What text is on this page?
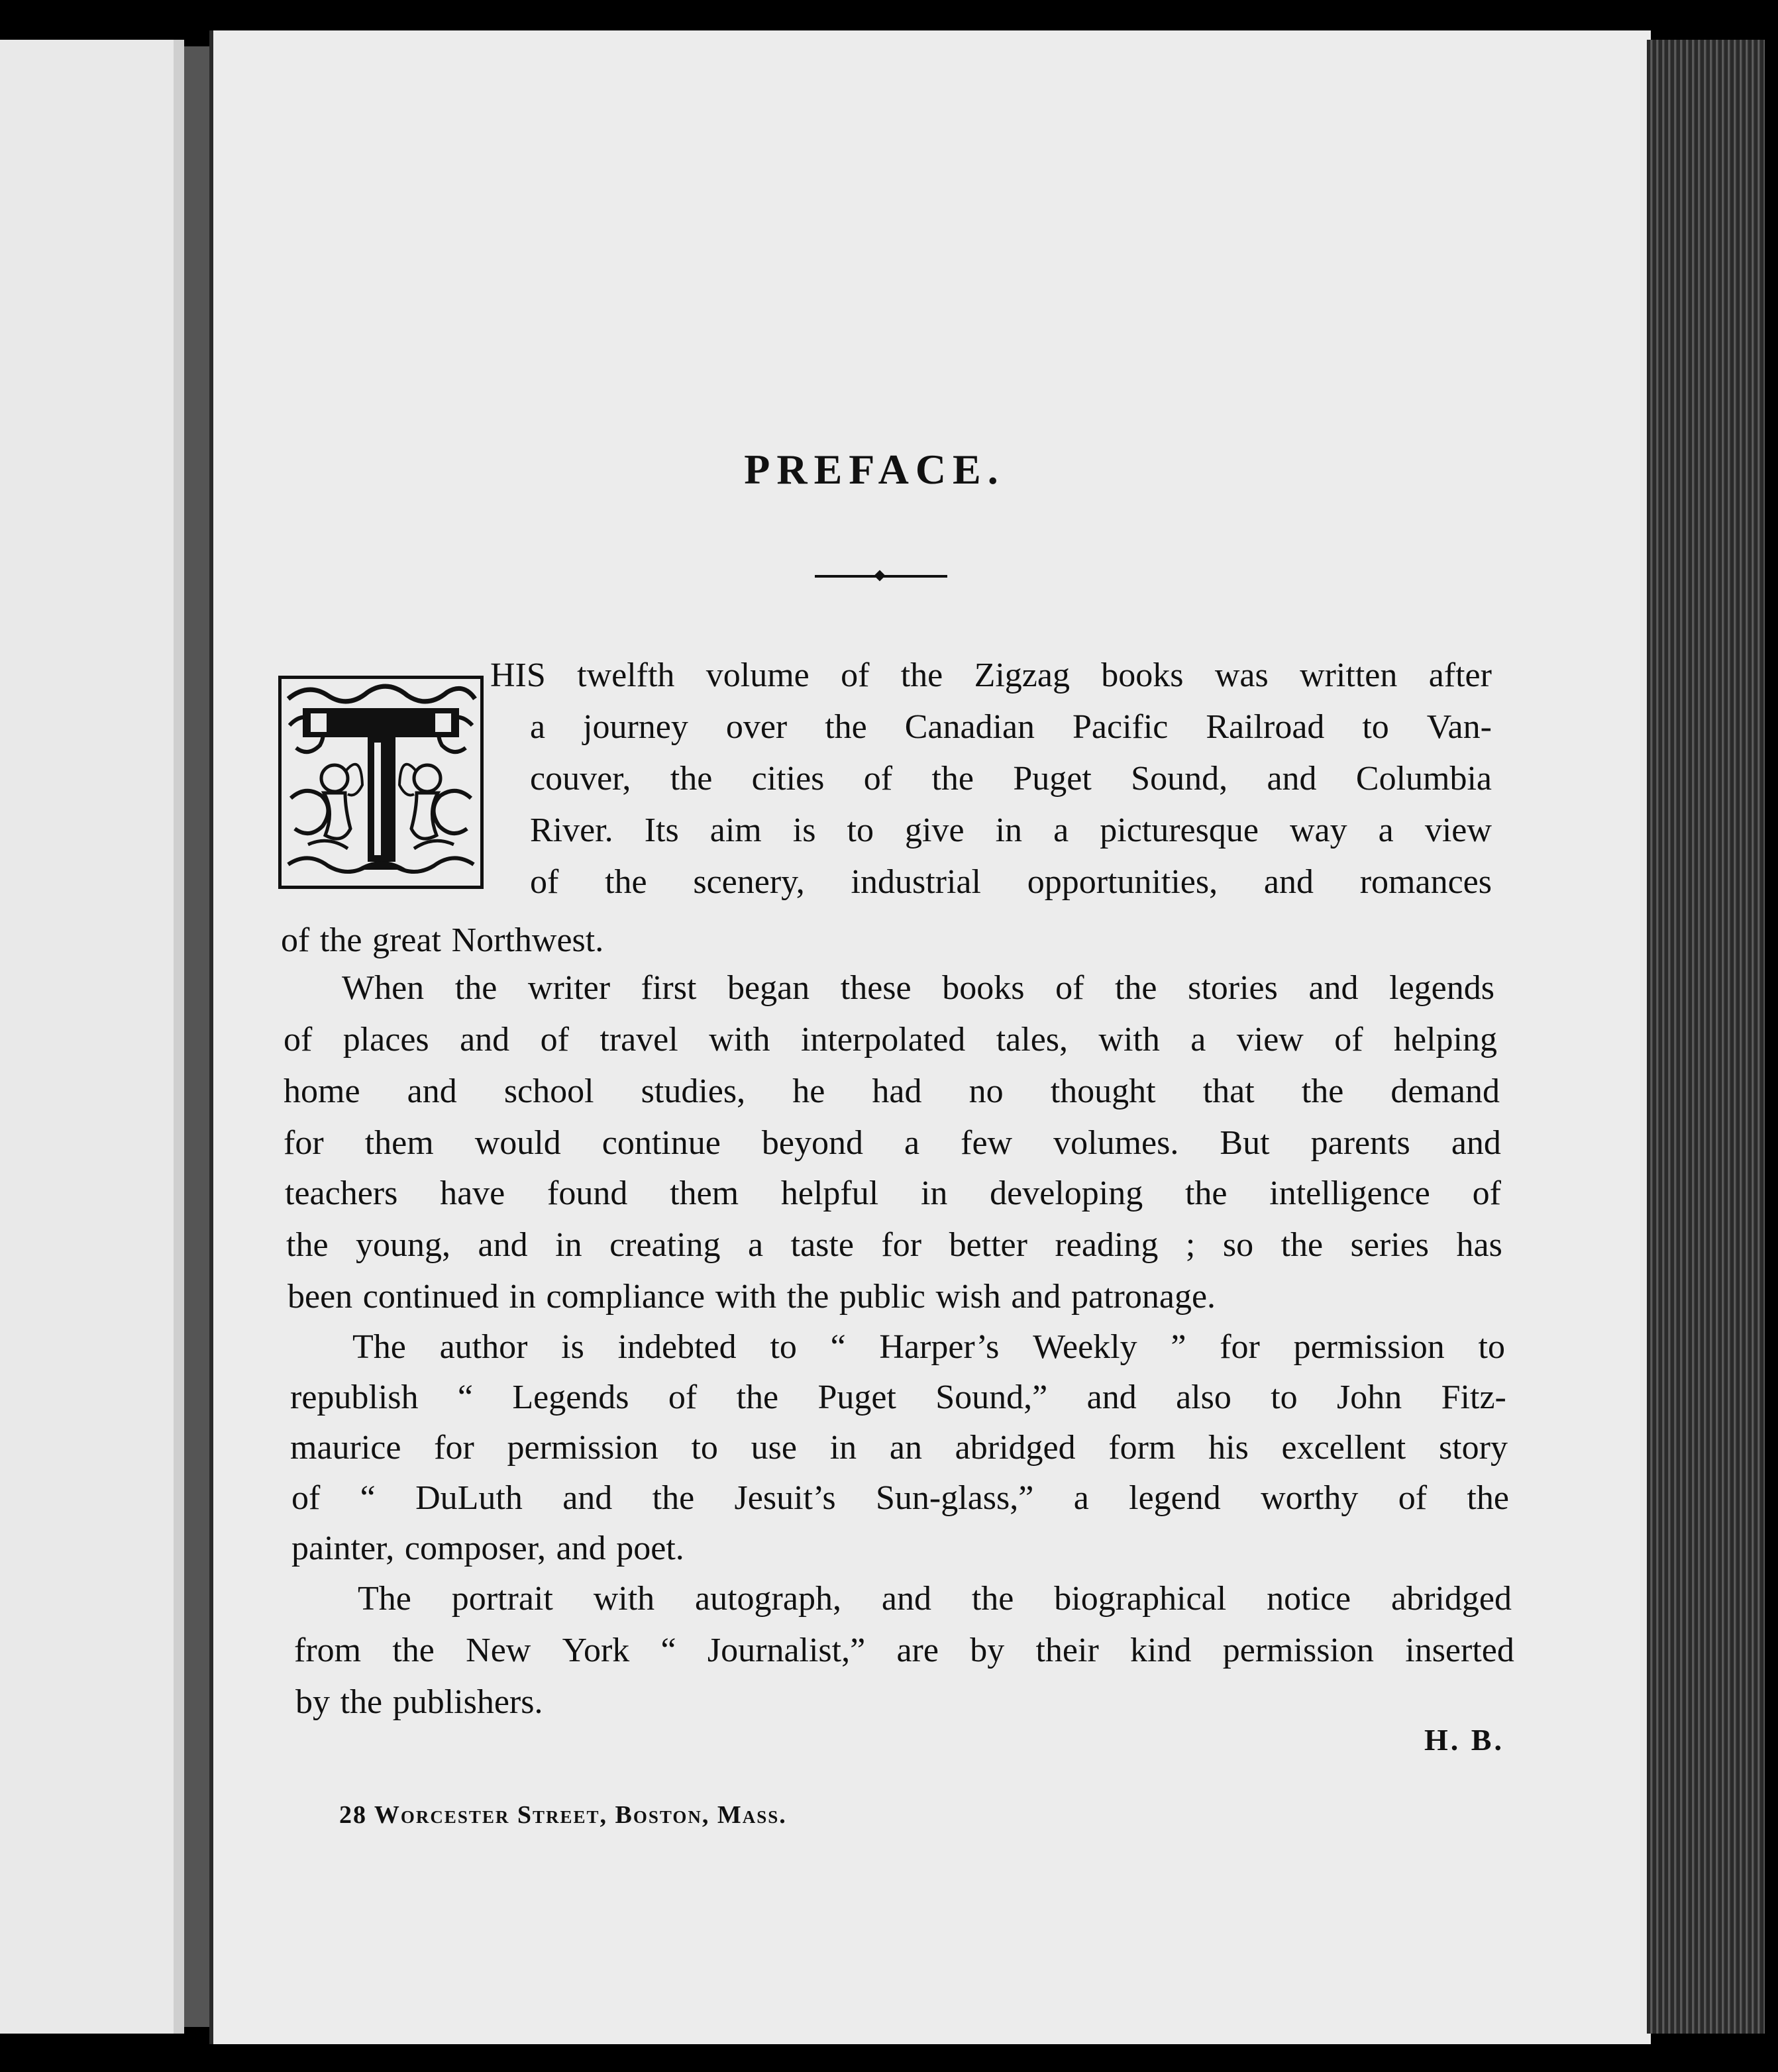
PREFACE.
HIS twelfth volume of the Zigzag books was written after
a journey over the Canadian Pacific Railroad to Van-
couver, the cities of the Puget Sound, and Columbia
River. Its aim is to give in a picturesque way a view
of the scenery, industrial opportunities, and romances
of the great Northwest.
When the writer first began these books of the stories and legends
of places and of travel with interpolated tales, with a view of helping
home and school studies, he had no thought that the demand
for them would continue beyond a few volumes. But parents and
teachers have found them helpful in developing the intelligence of
the young, and in creating a taste for better reading ; so the series has
been continued in compliance with the public wish and patronage.
The author is indebted to “ Harper’s Weekly ” for permission to
republish “ Legends of the Puget Sound,” and also to John Fitz-
maurice for permission to use in an abridged form his excellent story
of “ DuLuth and the Jesuit’s Sun-glass,” a legend worthy of the
painter, composer, and poet.
The portrait with autograph, and the biographical notice abridged
from the New York “ Journalist,” are by their kind permission inserted
by the publishers.
H. B.
28 Worcester Street, Boston, Mass.
